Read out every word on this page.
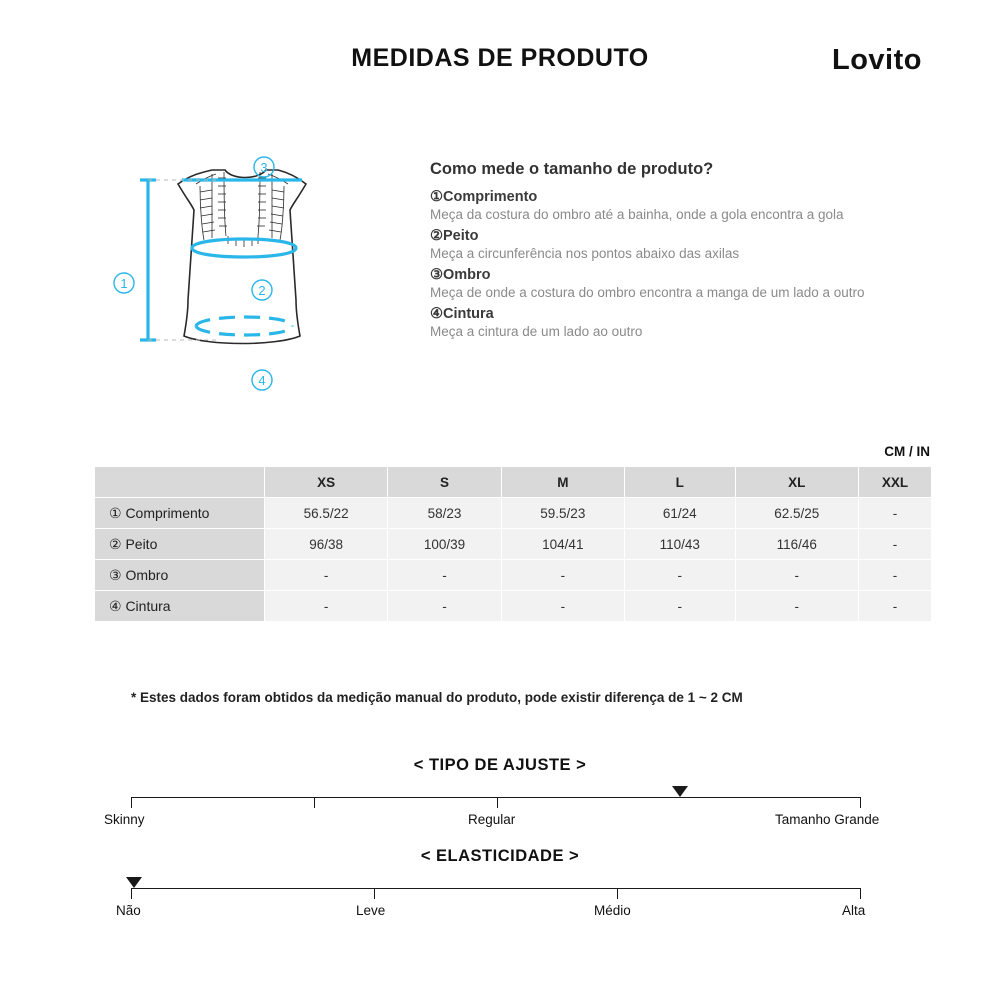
MEDIDAS DE PRODUTO	Lovito
3
1	2
4
Como mede o tamanho de produto?
①Comprimento
Meça da costura do ombro até a bainha, onde a gola encontra a gola
②Peito
Meça a circunferência nos pontos abaixo das axilas
③Ombro
Meça de onde a costura do ombro encontra a manga de um lado a outro
④Cintura
Meça a cintura de um lado ao outro
CM / IN
	XS	S	M	L	XL	XXL
① Comprimento	56.5/22	58/23	59.5/23	61/24	62.5/25	-
② Peito	96/38	100/39	104/41	110/43	116/46	-
③ Ombro	-	-	-	-	-	-
④ Cintura	-	-	-	-	-	-
* Estes dados foram obtidos da medição manual do produto, pode existir diferença de 1 ~ 2 CM
< TIPO DE AJUSTE >
Skinny	Regular	Tamanho Grande
< ELASTICIDADE >
Não	Leve	Médio	Alta
